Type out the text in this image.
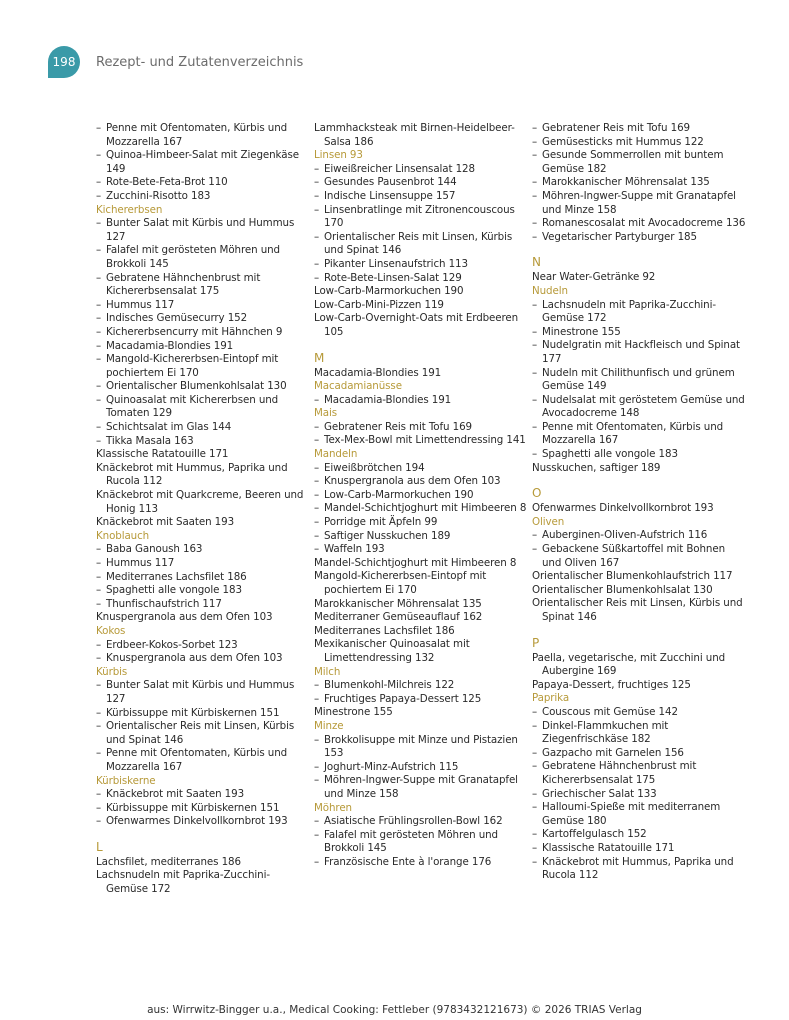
198 Rezept- und Zutatenverzeichnis
– Penne mit Ofentomaten, Kürbis und Mozzarella 167
– Quinoa-Himbeer-Salat mit Ziegenkäse 149
– Rote-Bete-Feta-Brot 110
– Zucchini-Risotto 183
Kichererbsen
– Bunter Salat mit Kürbis und Hummus 127
– Falafel mit gerösteten Möhren und Brokkoli 145
– Gebratene Hähnchenbrust mit Kichererbsensalat 175
– Hummus 117
– Indisches Gemüsecurry 152
– Kichererbsencurry mit Hähnchen 9
– Macadamia-Blondies 191
– Mangold-Kichererbsen-Eintopf mit pochiertem Ei 170
– Orientalischer Blumenkohlsalat 130
– Quinoasalat mit Kichererbsen und Tomaten 129
– Schichtsalat im Glas 144
– Tikka Masala 163
Klassische Ratatouille 171
Knäckebrot mit Hummus, Paprika und Rucola 112
Knäckebrot mit Quarkcreme, Beeren und Honig 113
Knäckebrot mit Saaten 193
Knoblauch
– Baba Ganoush 163
– Hummus 117
– Mediterranes Lachsfilet 186
– Spaghetti alle vongole 183
– Thunfischaufstrich 117
Knuspergranola aus dem Ofen 103
Kokos
– Erdbeer-Kokos-Sorbet 123
– Knuspergranola aus dem Ofen 103
Kürbis
– Bunter Salat mit Kürbis und Hummus 127
– Kürbissuppe mit Kürbiskernen 151
– Orientalischer Reis mit Linsen, Kürbis und Spinat 146
– Penne mit Ofentomaten, Kürbis und Mozzarella 167
Kürbiskerne
– Knäckebrot mit Saaten 193
– Kürbissuppe mit Kürbiskernen 151
– Ofenwarmes Dinkelvollkornbrot 193
L
Lachsfilet, mediterranes 186
Lachsnudeln mit Paprika-Zucchini-Gemüse 172
Lammhacksteak mit Birnen-Heidelbeer-Salsa 186
Linsen 93
– Eiweißreicher Linsensalat 128
– Gesundes Pausenbrot 144
– Indische Linsensuppe 157
– Linsenbratlinge mit Zitronencouscous 170
– Orientalischer Reis mit Linsen, Kürbis und Spinat 146
– Pikanter Linsenaufstrich 113
– Rote-Bete-Linsen-Salat 129
Low-Carb-Marmorkuchen 190
Low-Carb-Mini-Pizzen 119
Low-Carb-Overnight-Oats mit Erdbeeren 105
M
Macadamia-Blondies 191
Macadamianüsse
– Macadamia-Blondies 191
Mais
– Gebratener Reis mit Tofu 169
– Tex-Mex-Bowl mit Limettendressing 141
Mandeln
– Eiweißbrötchen 194
– Knuspergranola aus dem Ofen 103
– Low-Carb-Marmorkuchen 190
– Mandel-Schichtjoghurt mit Himbeeren 8
– Porridge mit Äpfeln 99
– Saftiger Nusskuchen 189
– Waffeln 193
Mandel-Schichtjoghurt mit Himbeeren 8
Mangold-Kichererbsen-Eintopf mit pochiertem Ei 170
Marokkanischer Möhrensalat 135
Mediterraner Gemüseauflauf 162
Mediterranes Lachsfilet 186
Mexikanischer Quinoasalat mit Limettendressing 132
Milch
– Blumenkohl-Milchreis 122
– Fruchtiges Papaya-Dessert 125
Minestrone 155
Minze
– Brokkolisuppe mit Minze und Pistazien 153
– Joghurt-Minz-Aufstrich 115
– Möhren-Ingwer-Suppe mit Granatapfel und Minze 158
Möhren
– Asiatische Frühlingsrollen-Bowl 162
– Falafel mit gerösteten Möhren und Brokkoli 145
– Französische Ente à l'orange 176
– Gebratener Reis mit Tofu 169
– Gemüsesticks mit Hummus 122
– Gesunde Sommerrollen mit buntem Gemüse 182
– Marokkanischer Möhrensalat 135
– Möhren-Ingwer-Suppe mit Granatapfel und Minze 158
– Romanescosalat mit Avocadocreme 136
– Vegetarischer Partyburger 185
N
Near Water-Getränke 92
Nudeln
– Lachsnudeln mit Paprika-Zucchini-Gemüse 172
– Minestrone 155
– Nudelgratin mit Hackfleisch und Spinat 177
– Nudeln mit Chilithunfisch und grünem Gemüse 149
– Nudelsalat mit geröstetem Gemüse und Avocadocreme 148
– Penne mit Ofentomaten, Kürbis und Mozzarella 167
– Spaghetti alle vongole 183
Nusskuchen, saftiger 189
O
Ofenwarmes Dinkelvollkornbrot 193
Oliven
– Auberginen-Oliven-Aufstrich 116
– Gebackene Süßkartoffel mit Bohnen und Oliven 167
Orientalischer Blumenkohlaufstrich 117
Orientalischer Blumenkohlsalat 130
Orientalischer Reis mit Linsen, Kürbis und Spinat 146
P
Paella, vegetarische, mit Zucchini und Aubergine 169
Papaya-Dessert, fruchtiges 125
Paprika
– Couscous mit Gemüse 142
– Dinkel-Flammkuchen mit Ziegenfrischkäse 182
– Gazpacho mit Garnelen 156
– Gebratene Hähnchenbrust mit Kichererbsensalat 175
– Griechischer Salat 133
– Halloumi-Spieße mit mediterranem Gemüse 180
– Kartoffelgulasch 152
– Klassische Ratatouille 171
– Knäckebrot mit Hummus, Paprika und Rucola 112
aus: Wirrwitz-Bingger u.a., Medical Cooking: Fettleber (9783432121673) © 2026 TRIAS Verlag
